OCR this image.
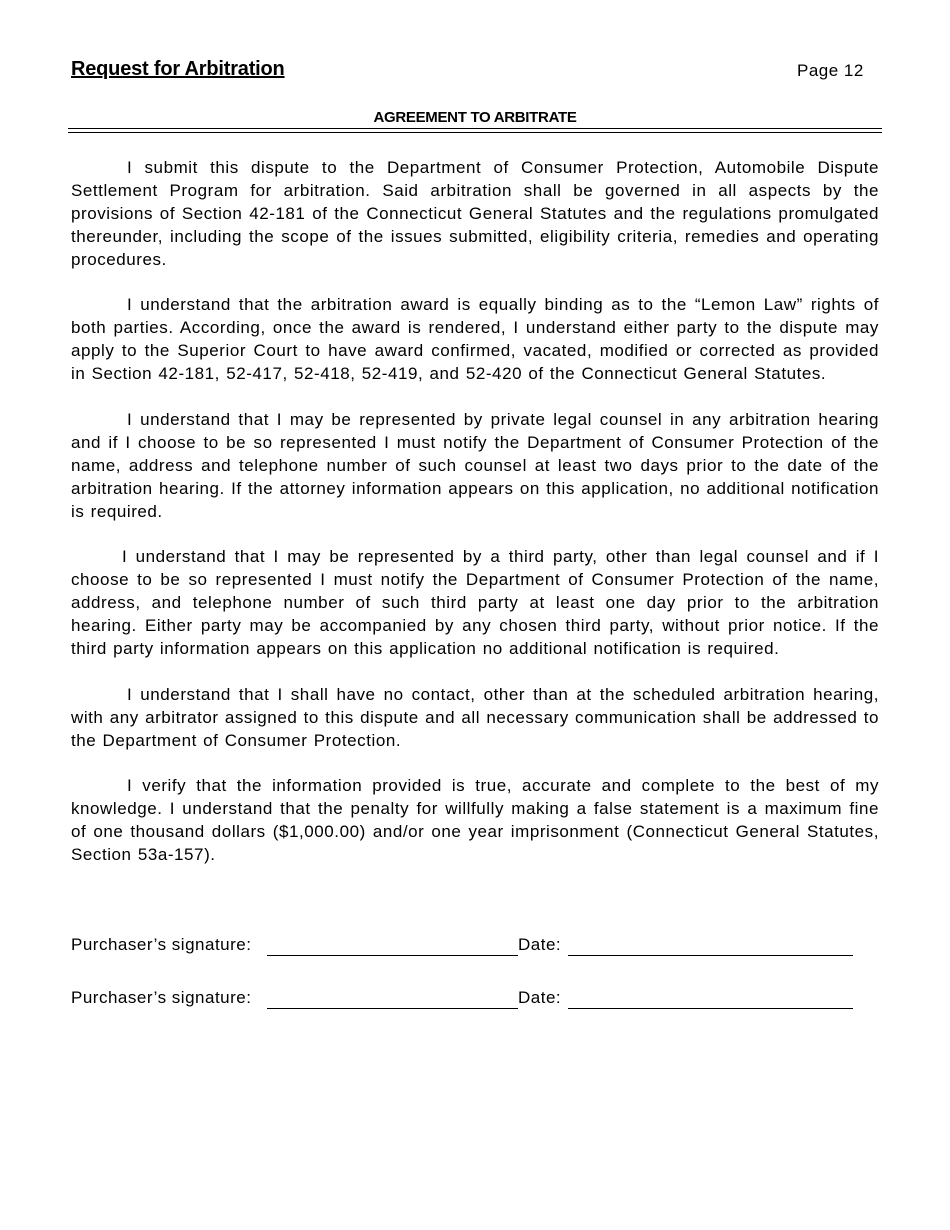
Request for Arbitration	Page 12
AGREEMENT TO ARBITRATE

I submit this dispute to the Department of Consumer Protection, Automobile Dispute Settlement Program for arbitration. Said arbitration shall be governed in all aspects by the provisions of Section 42-181 of the Connecticut General Statutes and the regulations promulgated thereunder, including the scope of the issues submitted, eligibility criteria, remedies and operating procedures.

I understand that the arbitration award is equally binding as to the “Lemon Law” rights of both parties. According, once the award is rendered, I understand either party to the dispute may apply to the Superior Court to have award confirmed, vacated, modified or corrected as provided in Section 42-181, 52-417, 52-418, 52-419, and 52-420 of the Connecticut General Statutes.

I understand that I may be represented by private legal counsel in any arbitration hearing and if I choose to be so represented I must notify the Department of Consumer Protection of the name, address and telephone number of such counsel at least two days prior to the date of the arbitration hearing. If the attorney information appears on this application, no additional notification is required.

I understand that I may be represented by a third party, other than legal counsel and if I choose to be so represented I must notify the Department of Consumer Protection of the name, address, and telephone number of such third party at least one day prior to the arbitration hearing. Either party may be accompanied by any chosen third party, without prior notice. If the third party information appears on this application no additional notification is required.

I understand that I shall have no contact, other than at the scheduled arbitration hearing, with any arbitrator assigned to this dispute and all necessary communication shall be addressed to the Department of Consumer Protection.

I verify that the information provided is true, accurate and complete to the best of my knowledge. I understand that the penalty for willfully making a false statement is a maximum fine of one thousand dollars ($1,000.00) and/or one year imprisonment (Connecticut General Statutes, Section 53a-157).

Purchaser’s signature:	Date:
Purchaser’s signature:	Date:
